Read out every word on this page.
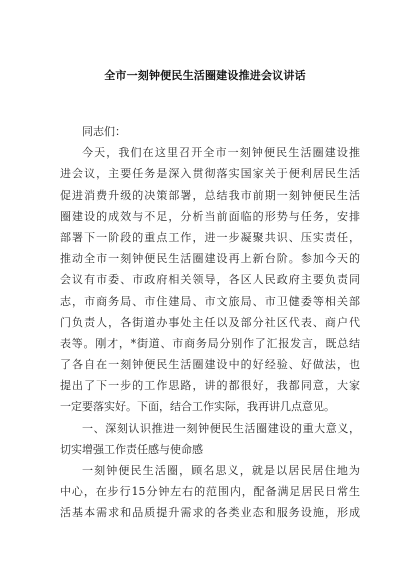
全市一刻钟便民生活圈建设推进会议讲话
同志们：
今天，我们在这里召开全市一刻钟便民生活圈建设推
进会议，主要任务是深入贯彻落实国家关于便利居民生活
促进消费升级的决策部署，总结我市前期一刻钟便民生活
圈建设的成效与不足，分析当前面临的形势与任务，安排
部署下一阶段的重点工作，进一步凝聚共识、压实责任，
推动全市一刻钟便民生活圈建设再上新台阶。参加今天的
会议有市委、市政府相关领导，各区人民政府主要负责同
志，市商务局、市住建局、市文旅局、市卫健委等相关部
门负责人，各街道办事处主任以及部分社区代表、商户代
表等。刚才，*街道、市商务局分别作了汇报发言，既总结
了各自在一刻钟便民生活圈建设中的好经验、好做法，也
提出了下一步的工作思路，讲的都很好，我都同意，大家
一定要落实好。下面，结合工作实际，我再讲几点意见。
一、深刻认识推进一刻钟便民生活圈建设的重大意义，
切实增强工作责任感与使命感
一刻钟便民生活圈，顾名思义，就是以居民居住地为
中心，在步行15分钟左右的范围内，配备满足居民日常生
活基本需求和品质提升需求的各类业态和服务设施，形成
